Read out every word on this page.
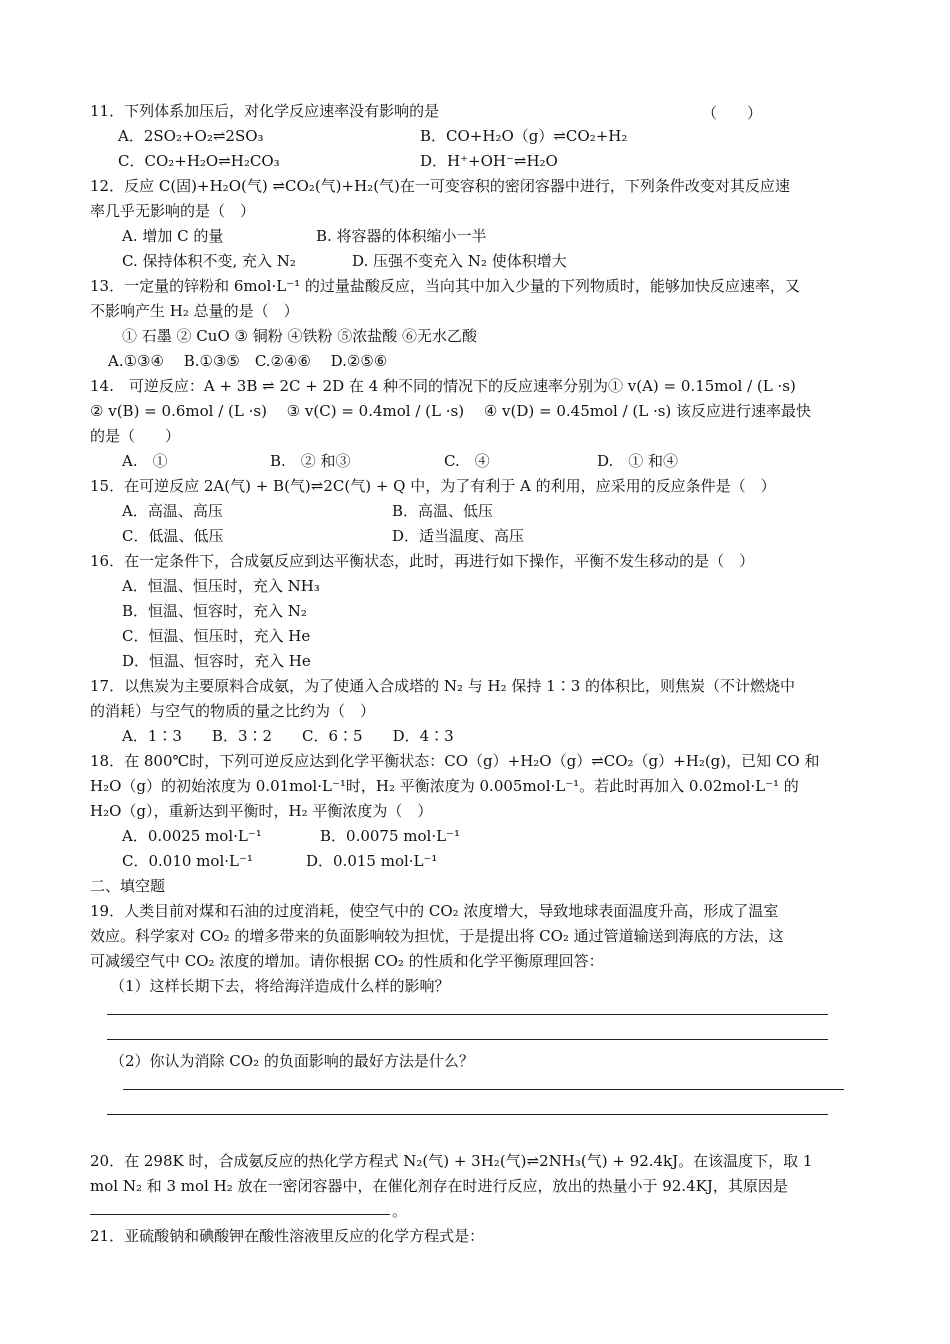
11．下列体系加压后，对化学反应速率没有影响的是	（　　）
A．2SO₂+O₂⇌2SO₃	B．CO+H₂O（g）⇌CO₂+H₂
C．CO₂+H₂O⇌H₂CO₃	D．H⁺+OH⁻⇌H₂O
12．反应 C(固)+H₂O(气) ⇌CO₂(气)+H₂(气)在一可变容积的密闭容器中进行，下列条件改变对其反应速
率几乎无影响的是（　）
A. 增加 C 的量	B. 将容器的体积缩小一半
C. 保持体积不变, 充入 N₂	D. 压强不变充入 N₂ 使体积增大
13．一定量的锌粉和 6mol·L⁻¹ 的过量盐酸反应，当向其中加入少量的下列物质时，能够加快反应速率，又
不影响产生 H₂ 总量的是（　）
① 石墨 ② CuO ③ 铜粉 ④铁粉 ⑤浓盐酸 ⑥无水乙酸
A.①③④　 B.①③⑤　C.②④⑥　 D.②⑤⑥
14.　可逆反应：A + 3B ⇌ 2C + 2D 在 4 种不同的情况下的反应速率分别为① v(A) = 0.15mol / (L ·s)
② v(B) = 0.6mol / (L ·s)　 ③ v(C) = 0.4mol / (L ·s)　 ④ v(D) = 0.45mol / (L ·s) 该反应进行速率最快
的是（　　）
A.　①	B.　② 和③	C.　④	D.　① 和④
15．在可逆反应 2A(气) + B(气)⇌2C(气) + Q 中，为了有利于 A 的利用，应采用的反应条件是（　）
A．高温、高压	B．高温、低压
C．低温、低压	D．适当温度、高压
16．在一定条件下，合成氨反应到达平衡状态，此时，再进行如下操作，平衡不发生移动的是（　）
A．恒温、恒压时，充入 NH₃
B．恒温、恒容时，充入 N₂
C．恒温、恒压时，充入 He
D．恒温、恒容时，充入 He
17．以焦炭为主要原料合成氨，为了使通入合成塔的 N₂ 与 H₂ 保持 1∶3 的体积比，则焦炭（不计燃烧中
的消耗）与空气的物质的量之比约为（　）
A．1∶3　　B．3∶2　　C．6∶5　　D．4∶3
18．在 800℃时，下列可逆反应达到化学平衡状态：CO（g）+H₂O（g）⇌CO₂（g）+H₂(g)，已知 CO 和
H₂O（g）的初始浓度为 0.01mol·L⁻¹时，H₂ 平衡浓度为 0.005mol·L⁻¹。若此时再加入 0.02mol·L⁻¹ 的
H₂O（g），重新达到平衡时，H₂ 平衡浓度为（　）
A．0.0025 mol·L⁻¹	B．0.0075 mol·L⁻¹
C．0.010 mol·L⁻¹	D．0.015 mol·L⁻¹
二、填空题
19．人类目前对煤和石油的过度消耗，使空气中的 CO₂ 浓度增大，导致地球表面温度升高，形成了温室
效应。科学家对 CO₂ 的增多带来的负面影响较为担忧，于是提出将 CO₂ 通过管道输送到海底的方法，这
可减缓空气中 CO₂ 浓度的增加。请你根据 CO₂ 的性质和化学平衡原理回答：
（1）这样长期下去，将给海洋造成什么样的影响？
（2）你认为消除 CO₂ 的负面影响的最好方法是什么？
20．在 298K 时，合成氨反应的热化学方程式 N₂(气) + 3H₂(气)⇌2NH₃(气) + 92.4kJ。在该温度下，取 1
mol N₂ 和 3 mol H₂ 放在一密闭容器中，在催化剂存在时进行反应，放出的热量小于 92.4KJ，其原因是
。
21．亚硫酸钠和碘酸钾在酸性溶液里反应的化学方程式是：
